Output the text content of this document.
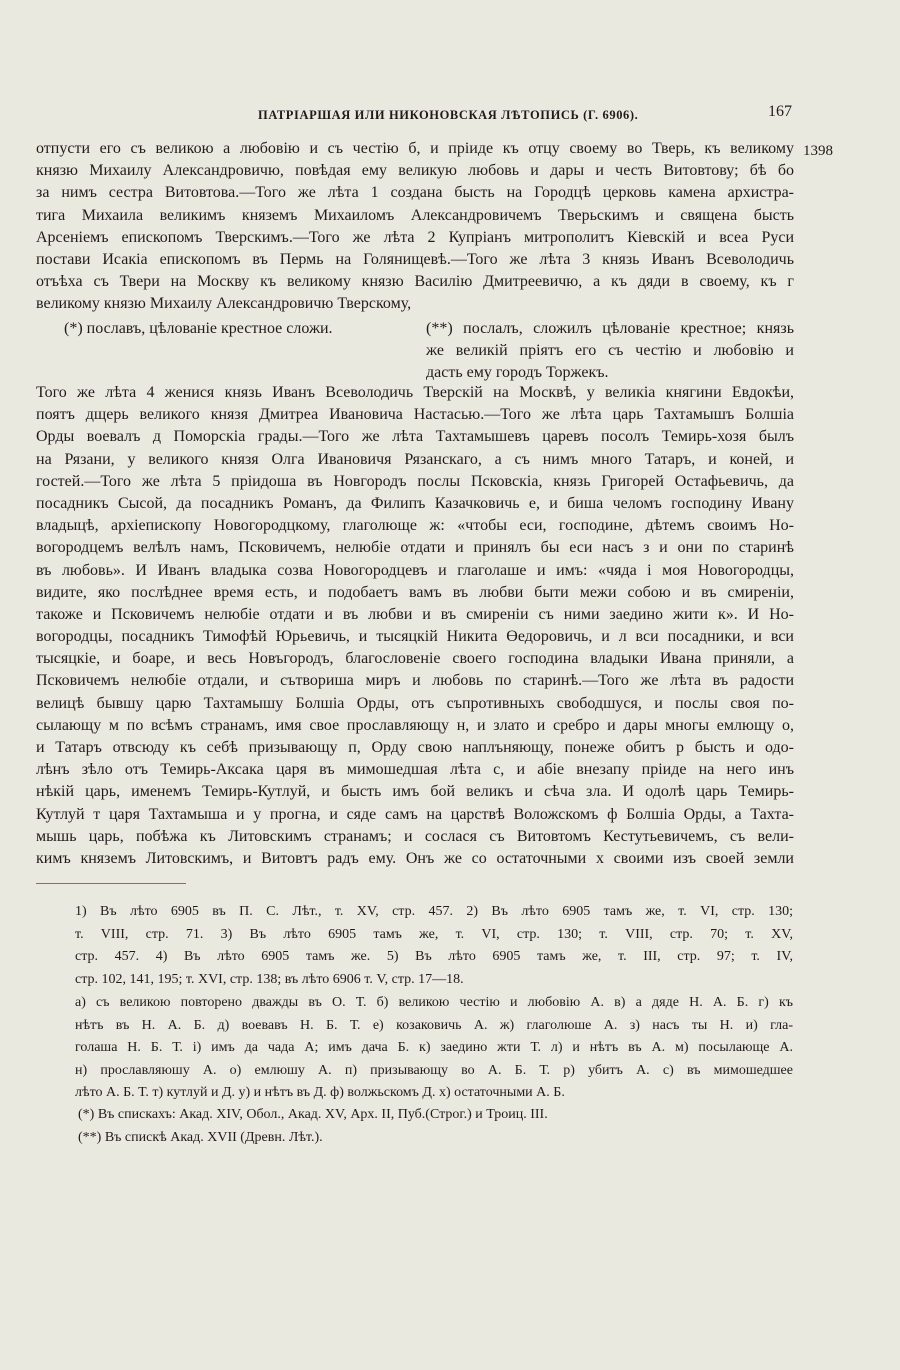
ПАТРІАРШАЯ ИЛИ НИКОНОВСКАЯ ЛѢТОПИСЬ (Г. 6906).	167
1398
отпусти его съ великою а любовію и съ честію б, и пріиде къ отцу своему во Тверь, къ великому
князю Михаилу Александровичю, повѣдая ему великую любовь и дары и честь Витовтову; бѣ бо
за нимъ сестра Витовтова.—Того же лѣта 1 создана бысть на Городцѣ церковь камена архистра-
тига Михаила великимъ княземъ Михаиломъ Александровичемъ Тверьскимъ и священа бысть
Арсеніемъ епископомъ Тверскимъ.—Того же лѣта 2 Купріанъ митрополитъ Кіевскій и всеа Руси
постави Исакіа епископомъ въ Пермь на Голянищевѣ.—Того же лѣта 3 князь Иванъ Всеволодичь
отъѣха съ Твери на Москву къ великому князю Василію Дмитреевичю, а къ дяди в своему, къ г
великому князю Михаилу Александровичю Тверскому,
(*) пославъ, цѣлованіе крестное сложи.	(**) послалъ, сложилъ цѣлованіе крестное; князь
же великій пріятъ его съ честію и любовію и
дасть ему городъ Торжекъ.
Того же лѣта 4 женися князь Иванъ Всеволодичь Тверскій на Москвѣ, у великіа княгини Евдокѣи,
поятъ дщерь великого князя Дмитреа Ивановича Настасью.—Того же лѣта царь Тахтамышъ Болшіа
Орды воевалъ д Поморскіа грады.—Того же лѣта Тахтамышевъ царевъ посолъ Темирь-хозя былъ
на Рязани, у великого князя Олга Ивановичя Рязанскаго, а съ нимъ много Татаръ, и коней, и
гостей.—Того же лѣта 5 пріидоша въ Новгородъ послы Псковскіа, князь Григорей Остафьевичь, да
посадникъ Сысой, да посадникъ Романъ, да Филипъ Казачковичь е, и биша челомъ господину Ивану
владыцѣ, архіепископу Новогородцкому, глаголюще ж: «чтобы еси, господине, дѣтемъ своимъ Но-
вогородцемъ велѣлъ намъ, Псковичемъ, нелюбіе отдати и принялъ бы еси насъ з и они по старинѣ
въ любовь». И Иванъ владыка созва Новогородцевъ и глаголаше и имъ: «чяда і моя Новогородцы,
видите, яко послѣднее время есть, и подобаетъ вамъ въ любви быти межи собою и въ смиреніи,
такоже и Псковичемъ нелюбіе отдати и въ любви и въ смиреніи съ ними заедино жити к». И Но-
вогородцы, посадникъ Тимофѣй Юрьевичь, и тысяцкій Никита Өедоровичь, и л вси посадники, и вси
тысяцкіе, и боаре, и весь Новъгородъ, благословеніе своего господина владыки Ивана приняли, а
Псковичемъ нелюбіе отдали, и сътвориша миръ и любовь по старинѣ.—Того же лѣта въ радости
велицѣ бывшу царю Тахтамышу Болшіа Орды, отъ съпротивныхъ свободшуся, и послы своя по-
сылающу м по всѣмъ странамъ, имя свое прославляющу н, и злато и сребро и дары многы емлющу о,
и Татаръ отвсюду къ себѣ призывающу п, Орду свою наплъняющу, понеже обитъ р бысть и одо-
лѣнъ зѣло отъ Темирь-Аксака царя въ мимошедшая лѣта с, и абіе внезапу пріиде на него инъ
нѣкій царь, именемъ Темирь-Кутлуй, и бысть имъ бой великъ и сѣча зла. И одолѣ царь Темирь-
Кутлуй т царя Тахтамыша и у прогна, и сяде самъ на царствѣ Воложскомъ ф Болшіа Орды, а Тахта-
мышь царь, побѣжа къ Литовскимъ странамъ; и сослася съ Витовтомъ Кестутьевичемъ, съ вели-
кимъ княземъ Литовскимъ, и Витовтъ радъ ему. Онъ же со остаточными х своими изъ своей земли
1) Въ лѣто 6905 въ П. С. Лѣт., т. XV, стр. 457. 2) Въ лѣто 6905 тамъ же, т. VI, стр. 130;
т. VIII, стр. 71. 3) Въ лѣто 6905 тамъ же, т. VI, стр. 130; т. VIII, стр. 70; т. XV,
стр. 457. 4) Въ лѣто 6905 тамъ же. 5) Въ лѣто 6905 тамъ же, т. III, стр. 97; т. IV,
стр. 102, 141, 195; т. XVI, стр. 138; въ лѣто 6906 т. V, стр. 17—18.
а) съ великою повторено дважды въ О. Т. б) великою честію и любовію А. в) а дяде Н. А. Б. г) къ
нѣтъ въ Н. А. Б. д) воевавъ Н. Б. Т. е) козаковичь А. ж) глаголюше А. з) насъ ты Н. и) гла-
голаша Н. Б. Т. і) имъ да чада А; имъ дача Б. к) заедино жти Т. л) и нѣтъ въ А. м) посылающе А.
н) прославляюшу А. о) емлюшу А. п) призывающу во А. Б. Т. р) убитъ А. с) въ мимошедшее
лѣто А. Б. Т. т) кутлуй и Д. у) и нѣтъ въ Д. ф) волжьскомъ Д. х) остаточными А. Б.
(*) Въ спискахъ: Акад. XIV, Обол., Акад. XV, Арх. II, Пуб.(Строг.) и Троиц. III.
(**) Въ спискѣ Акад. XVII (Древн. Лѣт.).
